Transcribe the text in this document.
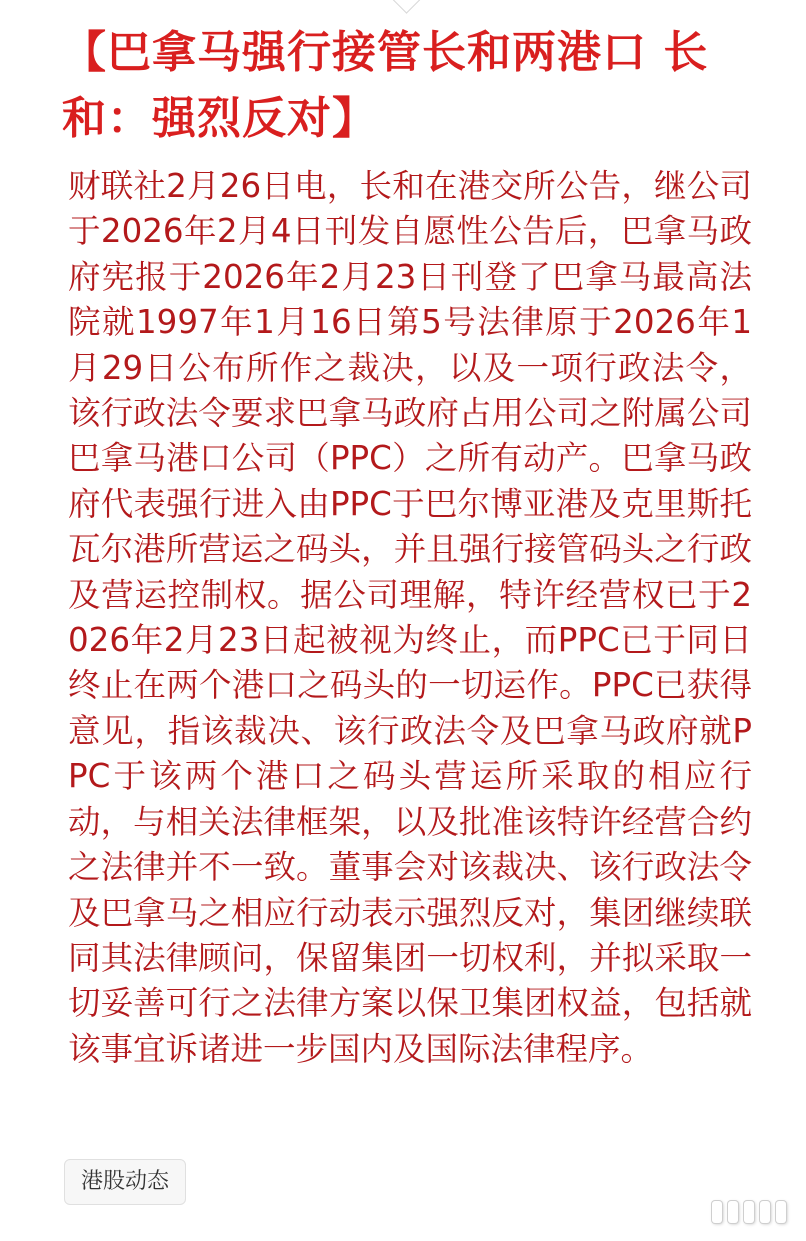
【巴拿马强行接管长和两港口 长和：强烈反对】

财联社2月26日电，长和在港交所公告，继公司于2026年2月4日刊发自愿性公告后，巴拿马政府宪报于2026年2月23日刊登了巴拿马最高法院就1997年1月16日第5号法律原于2026年1月29日公布所作之裁决，以及一项行政法令，该行政法令要求巴拿马政府占用公司之附属公司巴拿马港口公司（PPC）之所有动产。巴拿马政府代表强行进入由PPC于巴尔博亚港及克里斯托瓦尔港所营运之码头，并且强行接管码头之行政及营运控制权。据公司理解，特许经营权已于2026年2月23日起被视为终止，而PPC已于同日终止在两个港口之码头的一切运作。PPC已获得意见，指该裁决、该行政法令及巴拿马政府就PPC于该两个港口之码头营运所采取的相应行动，与相关法律框架，以及批准该特许经营合约之法律并不一致。董事会对该裁决、该行政法令及巴拿马之相应行动表示强烈反对，集团继续联同其法律顾问，保留集团一切权利，并拟采取一切妥善可行之法律方案以保卫集团权益，包括就该事宜诉诸进一步国内及国际法律程序。

港股动态
